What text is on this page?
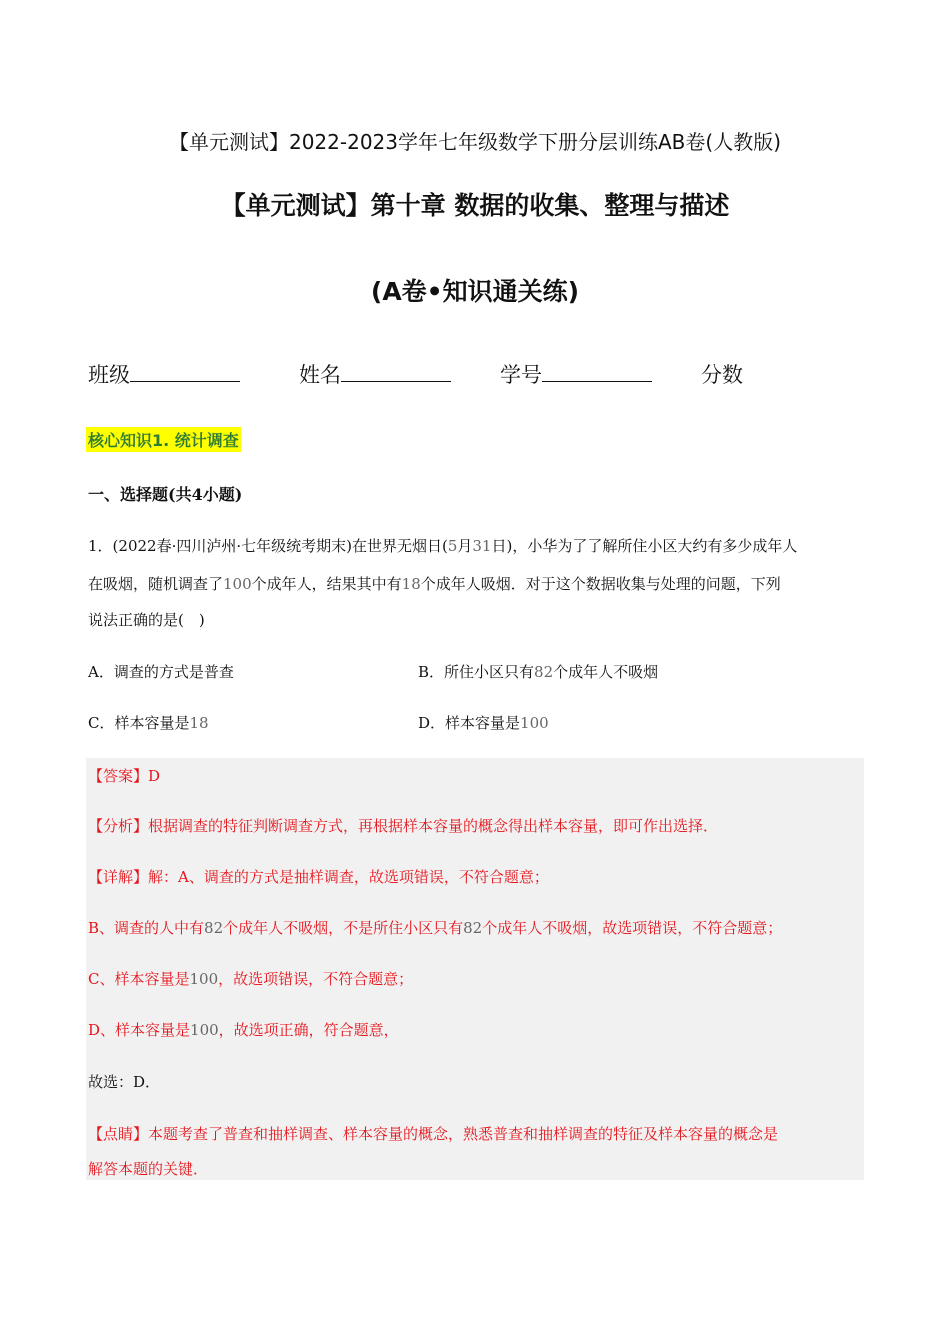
【单元测试】2022-2023学年七年级数学下册分层训练AB卷(人教版)
【单元测试】第十章 数据的收集、整理与描述
(A卷•知识通关练)
班级	姓名	学号	分数
核心知识1. 统计调查
一、选择题(共4小题)
1．(2022春·四川泸州·七年级统考期末)在世界无烟日(5月31日)，小华为了了解所住小区大约有多少成年人
在吸烟，随机调查了100个成年人，结果其中有18个成年人吸烟．对于这个数据收集与处理的问题，下列
说法正确的是(　)
A．调查的方式是普查	B．所住小区只有82个成年人不吸烟
C．样本容量是18	D．样本容量是100
【答案】D
【分析】根据调查的特征判断调查方式，再根据样本容量的概念得出样本容量，即可作出选择．
【详解】解：A、调查的方式是抽样调查，故选项错误，不符合题意；
B、调查的人中有82个成年人不吸烟，不是所住小区只有82个成年人不吸烟，故选项错误，不符合题意；
C、样本容量是100，故选项错误，不符合题意；
D、样本容量是100，故选项正确，符合题意，
故选：D．
【点睛】本题考查了普查和抽样调查、样本容量的概念，熟悉普查和抽样调查的特征及样本容量的概念是
解答本题的关键．
